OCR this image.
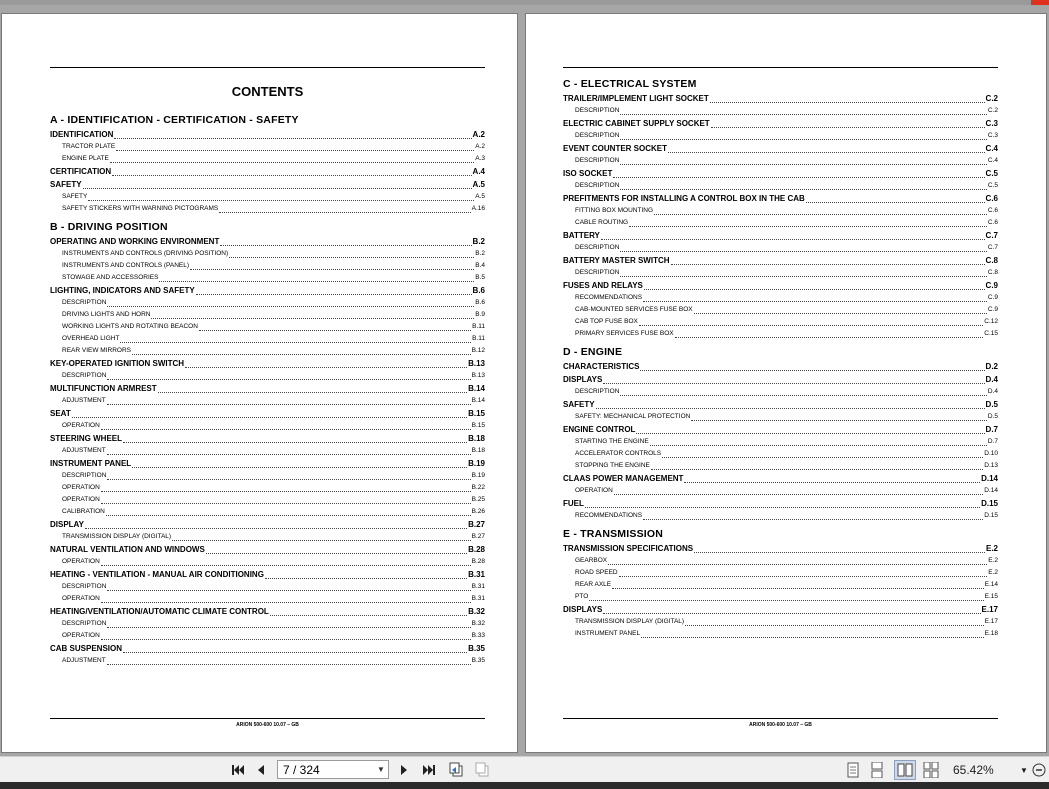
CONTENTS
A - IDENTIFICATION - CERTIFICATION - SAFETY
IDENTIFICATION	A.2
TRACTOR PLATE	A.2
ENGINE PLATE	A.3
CERTIFICATION	A.4
SAFETY	A.5
SAFETY	A.5
SAFETY STICKERS WITH WARNING PICTOGRAMS	A.16
B - DRIVING POSITION
OPERATING AND WORKING ENVIRONMENT	B.2
INSTRUMENTS AND CONTROLS (DRIVING POSITION)	B.2
INSTRUMENTS AND CONTROLS (PANEL)	B.4
STOWAGE AND ACCESSORIES	B.5
LIGHTING, INDICATORS AND SAFETY	B.6
DESCRIPTION	B.6
DRIVING LIGHTS AND HORN	B.9
WORKING LIGHTS AND ROTATING BEACON	B.11
OVERHEAD LIGHT	B.11
REAR VIEW MIRRORS	B.12
KEY-OPERATED IGNITION SWITCH	B.13
DESCRIPTION	B.13
MULTIFUNCTION ARMREST	B.14
ADJUSTMENT	B.14
SEAT	B.15
OPERATION	B.15
STEERING WHEEL	B.18
ADJUSTMENT	B.18
INSTRUMENT PANEL	B.19
DESCRIPTION	B.19
OPERATION	B.22
OPERATION	B.25
CALIBRATION	B.26
DISPLAY	B.27
TRANSMISSION DISPLAY (DIGITAL)	B.27
NATURAL VENTILATION AND WINDOWS	B.28
OPERATION	B.28
HEATING - VENTILATION - MANUAL AIR CONDITIONING	B.31
DESCRIPTION	B.31
OPERATION	B.31
HEATING/VENTILATION/AUTOMATIC CLIMATE CONTROL	B.32
DESCRIPTION	B.32
OPERATION	B.33
CAB SUSPENSION	B.35
ADJUSTMENT	B.35
ARION 500-600 10.07 – GB
C - ELECTRICAL SYSTEM
TRAILER/IMPLEMENT LIGHT SOCKET	C.2
DESCRIPTION	C.2
ELECTRIC CABINET SUPPLY SOCKET	C.3
DESCRIPTION	C.3
EVENT COUNTER SOCKET	C.4
DESCRIPTION	C.4
ISO SOCKET	C.5
DESCRIPTION	C.5
PREFITMENTS FOR INSTALLING A CONTROL BOX IN THE CAB	C.6
FITTING BOX MOUNTING	C.6
CABLE ROUTING	C.6
BATTERY	C.7
DESCRIPTION	C.7
BATTERY MASTER SWITCH	C.8
DESCRIPTION	C.8
FUSES AND RELAYS	C.9
RECOMMENDATIONS	C.9
CAB-MOUNTED SERVICES FUSE BOX	C.9
CAB TOP FUSE BOX	C.12
PRIMARY SERVICES FUSE BOX	C.15
D - ENGINE
CHARACTERISTICS	D.2
DISPLAYS	D.4
DESCRIPTION	D.4
SAFETY	D.5
SAFETY: MECHANICAL PROTECTION	D.5
ENGINE CONTROL	D.7
STARTING THE ENGINE	D.7
ACCELERATOR CONTROLS	D.10
STOPPING THE ENGINE	D.13
CLAAS POWER MANAGEMENT	D.14
OPERATION	D.14
FUEL	D.15
RECOMMENDATIONS	D.15
E - TRANSMISSION
TRANSMISSION SPECIFICATIONS	E.2
GEARBOX	E.2
ROAD SPEED	E.2
REAR AXLE	E.14
PTO	E.15
DISPLAYS	E.17
TRANSMISSION DISPLAY (DIGITAL)	E.17
INSTRUMENT PANEL	E.18
ARION 500-600 10.07 – GB
7 / 324	▼	65.42%	▼
